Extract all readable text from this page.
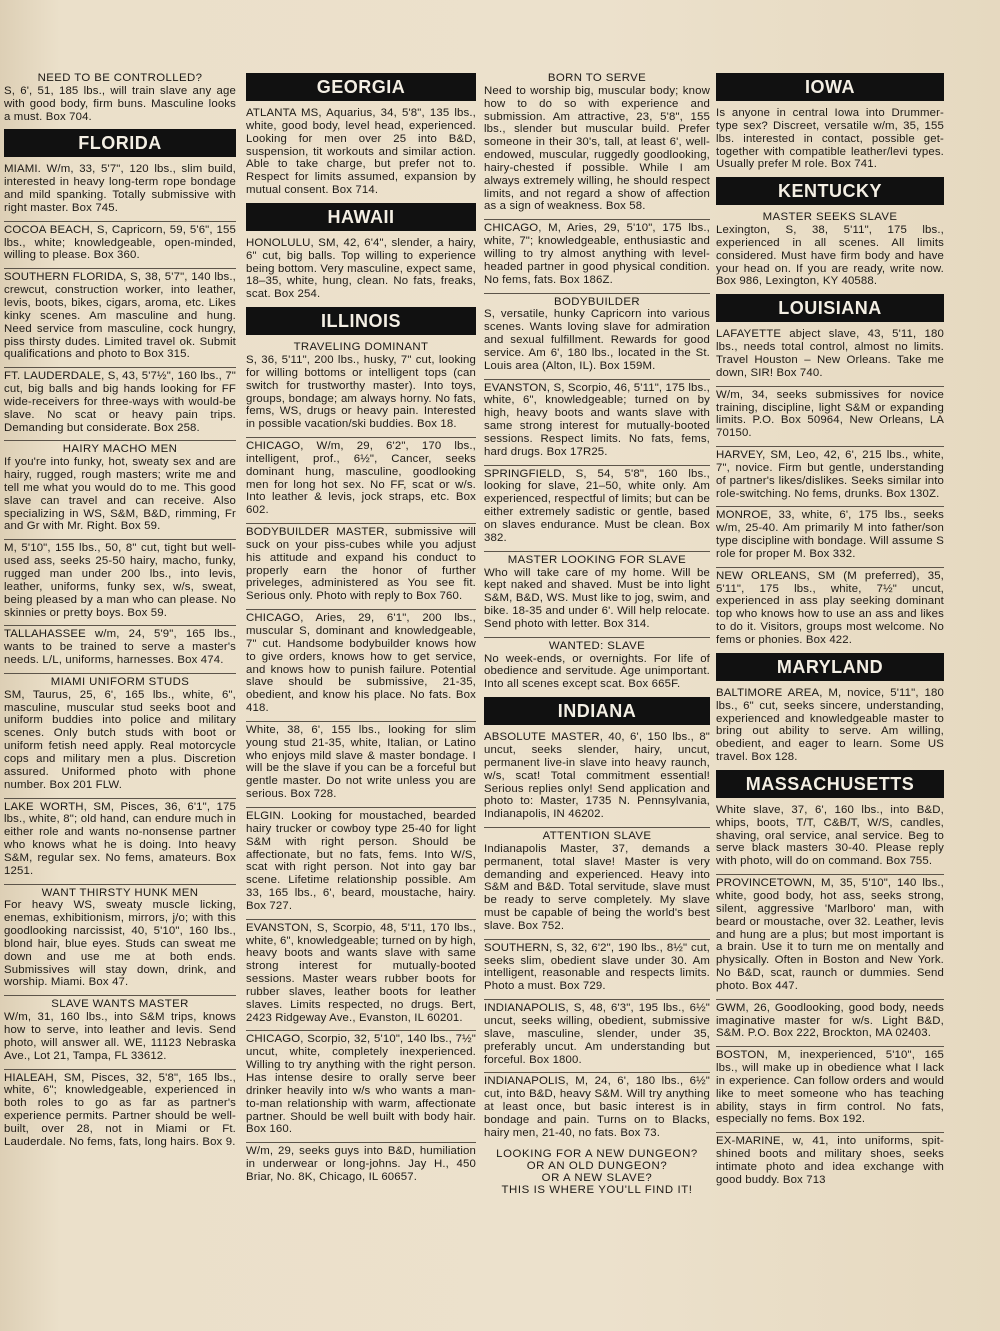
NEED TO BE CONTROLLED?
S, 6', 51, 185 lbs., will train slave any age with good body, firm buns. Masculine looks a must. Box 704.
FLORIDA
MIAMI. W/m, 33, 5'7", 120 lbs., slim build, interested in heavy long-term rope bondage and mild spanking. Totally submissive with right master. Box 745.
COCOA BEACH, S, Capricorn, 59, 5'6", 155 lbs., white; knowledgeable, open-minded, willing to please. Box 360.
SOUTHERN FLORIDA, S, 38, 5'7", 140 lbs., crewcut, construction worker, into leather, levis, boots, bikes, cigars, aroma, etc. Likes kinky scenes. Am masculine and hung. Need service from masculine, cock hungry, piss thirsty dudes. Limited travel ok. Submit qualifications and photo to Box 315.
FT. LAUDERDALE, S, 43, 5'7½", 160 lbs., 7" cut, big balls and big hands looking for FF wide-receivers for three-ways with would-be slave. No scat or heavy pain trips. Demanding but considerate. Box 258.
HAIRY MACHO MEN
If you're into funky, hot, sweaty sex and are hairy, rugged, rough masters; write me and tell me what you would do to me. This good slave can travel and can receive. Also specializing in WS, S&M, B&D, rimming, Fr and Gr with Mr. Right. Box 59.
M, 5'10", 155 lbs., 50, 8" cut, tight but well-used ass, seeks 25-50 hairy, macho, funky, rugged man under 200 lbs., into levis, leather, uniforms, funky sex, w/s, sweat, being pleased by a man who can please. No skinnies or pretty boys. Box 59.
TALLAHASSEE w/m, 24, 5'9", 165 lbs., wants to be trained to serve a master's needs. L/L, uniforms, harnesses. Box 474.
MIAMI UNIFORM STUDS
SM, Taurus, 25, 6', 165 lbs., white, 6", masculine, muscular stud seeks boot and uniform buddies into police and military scenes. Only butch studs with boot or uniform fetish need apply. Real motorcycle cops and military men a plus. Discretion assured. Uniformed photo with phone number. Box 201 FLW.
LAKE WORTH, SM, Pisces, 36, 6'1", 175 lbs., white, 8"; old hand, can endure much in either role and wants no-nonsense partner who knows what he is doing. Into heavy S&M, regular sex. No fems, amateurs. Box 1251.
WANT THIRSTY HUNK MEN
For heavy WS, sweaty muscle licking, enemas, exhibitionism, mirrors, j/o; with this goodlooking narcissist, 40, 5'10", 160 lbs., blond hair, blue eyes. Studs can sweat me down and use me at both ends. Submissives will stay down, drink, and worship. Miami. Box 47.
SLAVE WANTS MASTER
W/m, 31, 160 lbs., into S&M trips, knows how to serve, into leather and levis. Send photo, will answer all. WE, 11123 Nebraska Ave., Lot 21, Tampa, FL 33612.
HIALEAH, SM, Pisces, 32, 5'8", 165 lbs., white, 6"; knowledgeable, experienced in both roles to go as far as partner's experience permits. Partner should be well-built, over 28, not in Miami or Ft. Lauderdale. No fems, fats, long hairs. Box 9.
GEORGIA
ATLANTA MS, Aquarius, 34, 5'8", 135 lbs., white, good body, level head, experienced. Looking for men over 25 into B&D, suspension, tit workouts and similar action. Able to take charge, but prefer not to. Respect for limits assumed, expansion by mutual consent. Box 714.
HAWAII
HONOLULU, SM, 42, 6'4", slender, a hairy, 6" cut, big balls. Top willing to experience being bottom. Very masculine, expect same, 18–35, white, hung, clean. No fats, freaks, scat. Box 254.
ILLINOIS
TRAVELING DOMINANT
S, 36, 5'11", 200 lbs., husky, 7" cut, looking for willing bottoms or intelligent tops (can switch for trustworthy master). Into toys, groups, bondage; am always horny. No fats, fems, WS, drugs or heavy pain. Interested in possible vacation/ski buddies. Box 18.
CHICAGO, W/m, 29, 6'2", 170 lbs., intelligent, prof., 6½", Cancer, seeks dominant hung, masculine, goodlooking men for long hot sex. No FF, scat or w/s. Into leather & levis, jock straps, etc. Box 602.
BODYBUILDER MASTER, submissive will suck on your piss-cubes while you adjust his attitude and expand his conduct to properly earn the honor of further priveleges, administered as You see fit. Serious only. Photo with reply to Box 760.
CHICAGO, Aries, 29, 6'1", 200 lbs., muscular S, dominant and knowledgeable, 7" cut. Handsome bodybuilder knows how to give orders, knows how to get service, and knows how to punish failure. Potential slave should be submissive, 21-35, obedient, and know his place. No fats. Box 418.
White, 38, 6', 155 lbs., looking for slim young stud 21-35, white, Italian, or Latino who enjoys mild slave & master bondage. I will be the slave if you can be a forceful but gentle master. Do not write unless you are serious. Box 728.
ELGIN. Looking for moustached, bearded hairy trucker or cowboy type 25-40 for light S&M with right person. Should be affectionate, but no fats, fems. Into W/S, scat with right person. Not into gay bar scene. Lifetime relationship possible. Am 33, 165 lbs., 6', beard, moustache, hairy. Box 727.
EVANSTON, S, Scorpio, 48, 5'11, 170 lbs., white, 6", knowledgeable; turned on by high, heavy boots and wants slave with same strong interest for mutually-booted sessions. Master wears rubber boots for rubber slaves, leather boots for leather slaves. Limits respected, no drugs. Bert, 2423 Ridgeway Ave., Evanston, IL 60201.
CHICAGO, Scorpio, 32, 5'10", 140 lbs., 7½" uncut, white, completely inexperienced. Willing to try anything with the right person. Has intense desire to orally serve beer drinker heavily into w/s who wants a man-to-man relationship with warm, affectionate partner. Should be well built with body hair. Box 160.
W/m, 29, seeks guys into B&D, humiliation in underwear or long-johns. Jay H., 450 Briar, No. 8K, Chicago, IL 60657.
BORN TO SERVE
Need to worship big, muscular body; know how to do so with experience and submission. Am attractive, 23, 5'8", 155 lbs., slender but muscular build. Prefer someone in their 30's, tall, at least 6', well-endowed, muscular, ruggedly goodlooking, hairy-chested if possible. While I am always extremely willing, he should respect limits, and not regard a show of affection as a sign of weakness. Box 58.
CHICAGO, M, Aries, 29, 5'10", 175 lbs., white, 7"; knowledgeable, enthusiastic and willing to try almost anything with level-headed partner in good physical condition. No fems, fats. Box 186Z.
BODYBUILDER
S, versatile, hunky Capricorn into various scenes. Wants loving slave for admiration and sexual fulfillment. Rewards for good service. Am 6', 180 lbs., located in the St. Louis area (Alton, IL). Box 159M.
EVANSTON, S, Scorpio, 46, 5'11", 175 lbs., white, 6", knowledgeable; turned on by high, heavy boots and wants slave with same strong interest for mutually-booted sessions. Respect limits. No fats, fems, hard drugs. Box 17R25.
SPRINGFIELD, S, 54, 5'8", 160 lbs., looking for slave, 21–50, white only. Am experienced, respectful of limits; but can be either extremely sadistic or gentle, based on slaves endurance. Must be clean. Box 382.
MASTER LOOKING FOR SLAVE
Who will take care of my home. Will be kept naked and shaved. Must be into light S&M, B&D, WS. Must like to jog, swim, and bike. 18-35 and under 6'. Will help relocate. Send photo with letter. Box 314.
WANTED: SLAVE
No week-ends, or overnights. For life of obedience and servitude. Age unimportant. Into all scenes except scat. Box 665F.
INDIANA
ABSOLUTE MASTER, 40, 6', 150 lbs., 8" uncut, seeks slender, hairy, uncut, permanent live-in slave into heavy raunch, w/s, scat! Total commitment essential! Serious replies only! Send application and photo to: Master, 1735 N. Pennsylvania, Indianapolis, IN 46202.
ATTENTION SLAVE
Indianapolis Master, 37, demands a permanent, total slave! Master is very demanding and experienced. Heavy into S&M and B&D. Total servitude, slave must be ready to serve completely. My slave must be capable of being the world's best slave. Box 752.
SOUTHERN, S, 32, 6'2", 190 lbs., 8½" cut, seeks slim, obedient slave under 30. Am intelligent, reasonable and respects limits. Photo a must. Box 729.
INDIANAPOLIS, S, 48, 6'3", 195 lbs., 6½" uncut, seeks willing, obedient, submissive slave, masculine, slender, under 35, preferably uncut. Am understanding but forceful. Box 1800.
INDIANAPOLIS, M, 24, 6', 180 lbs., 6½" cut, into B&D, heavy S&M. Will try anything at least once, but basic interest is in bondage and pain. Turns on to Blacks, hairy men, 21-40, no fats. Box 73.
LOOKING FOR A NEW DUNGEON?
OR AN OLD DUNGEON?
OR A NEW SLAVE?
THIS IS WHERE YOU'LL FIND IT!
IOWA
Is anyone in central Iowa into Drummer-type sex? Discreet, versatile w/m, 35, 155 lbs. interested in contact, possible get-together with compatible leather/levi types. Usually prefer M role. Box 741.
KENTUCKY
MASTER SEEKS SLAVE
Lexington, S, 38, 5'11", 175 lbs., experienced in all scenes. All limits considered. Must have firm body and have your head on. If you are ready, write now. Box 986, Lexington, KY 40588.
LOUISIANA
LAFAYETTE abject slave, 43, 5'11, 180 lbs., needs total control, almost no limits. Travel Houston – New Orleans. Take me down, SIR! Box 740.
W/m, 34, seeks submissives for novice training, discipline, light S&M or expanding limits. P.O. Box 50964, New Orleans, LA 70150.
HARVEY, SM, Leo, 42, 6', 215 lbs., white, 7", novice. Firm but gentle, understanding of partner's likes/dislikes. Seeks similar into role-switching. No fems, drunks. Box 130Z.
MONROE, 33, white, 6', 175 lbs., seeks w/m, 25-40. Am primarily M into father/son type discipline with bondage. Will assume S role for proper M. Box 332.
NEW ORLEANS, SM (M preferred), 35, 5'11", 175 lbs., white, 7½" uncut, experienced in ass play seeking dominant top who knows how to use an ass and likes to do it. Visitors, groups most welcome. No fems or phonies. Box 422.
MARYLAND
BALTIMORE AREA, M, novice, 5'11", 180 lbs., 6" cut, seeks sincere, understanding, experienced and knowledgeable master to bring out ability to serve. Am willing, obedient, and eager to learn. Some US travel. Box 128.
MASSACHUSETTS
White slave, 37, 6', 160 lbs., into B&D, whips, boots, T/T, C&B/T, W/S, candles, shaving, oral service, anal service. Beg to serve black masters 30-40. Please reply with photo, will do on command. Box 755.
PROVINCETOWN, M, 35, 5'10", 140 lbs., white, good body, hot ass, seeks strong, silent, aggressive 'Marlboro' man, with beard or moustache, over 32. Leather, levis and hung are a plus; but most important is a brain. Use it to turn me on mentally and physically. Often in Boston and New York. No B&D, scat, raunch or dummies. Send photo. Box 447.
GWM, 26, Goodlooking, good body, needs imaginative master for w/s. Light B&D, S&M. P.O. Box 222, Brockton, MA 02403.
BOSTON, M, inexperienced, 5'10", 165 lbs., will make up in obedience what I lack in experience. Can follow orders and would like to meet someone who has teaching ability, stays in firm control. No fats, especially no fems. Box 192.
EX-MARINE, w, 41, into uniforms, spit-shined boots and military shoes, seeks intimate photo and idea exchange with good buddy. Box 713
